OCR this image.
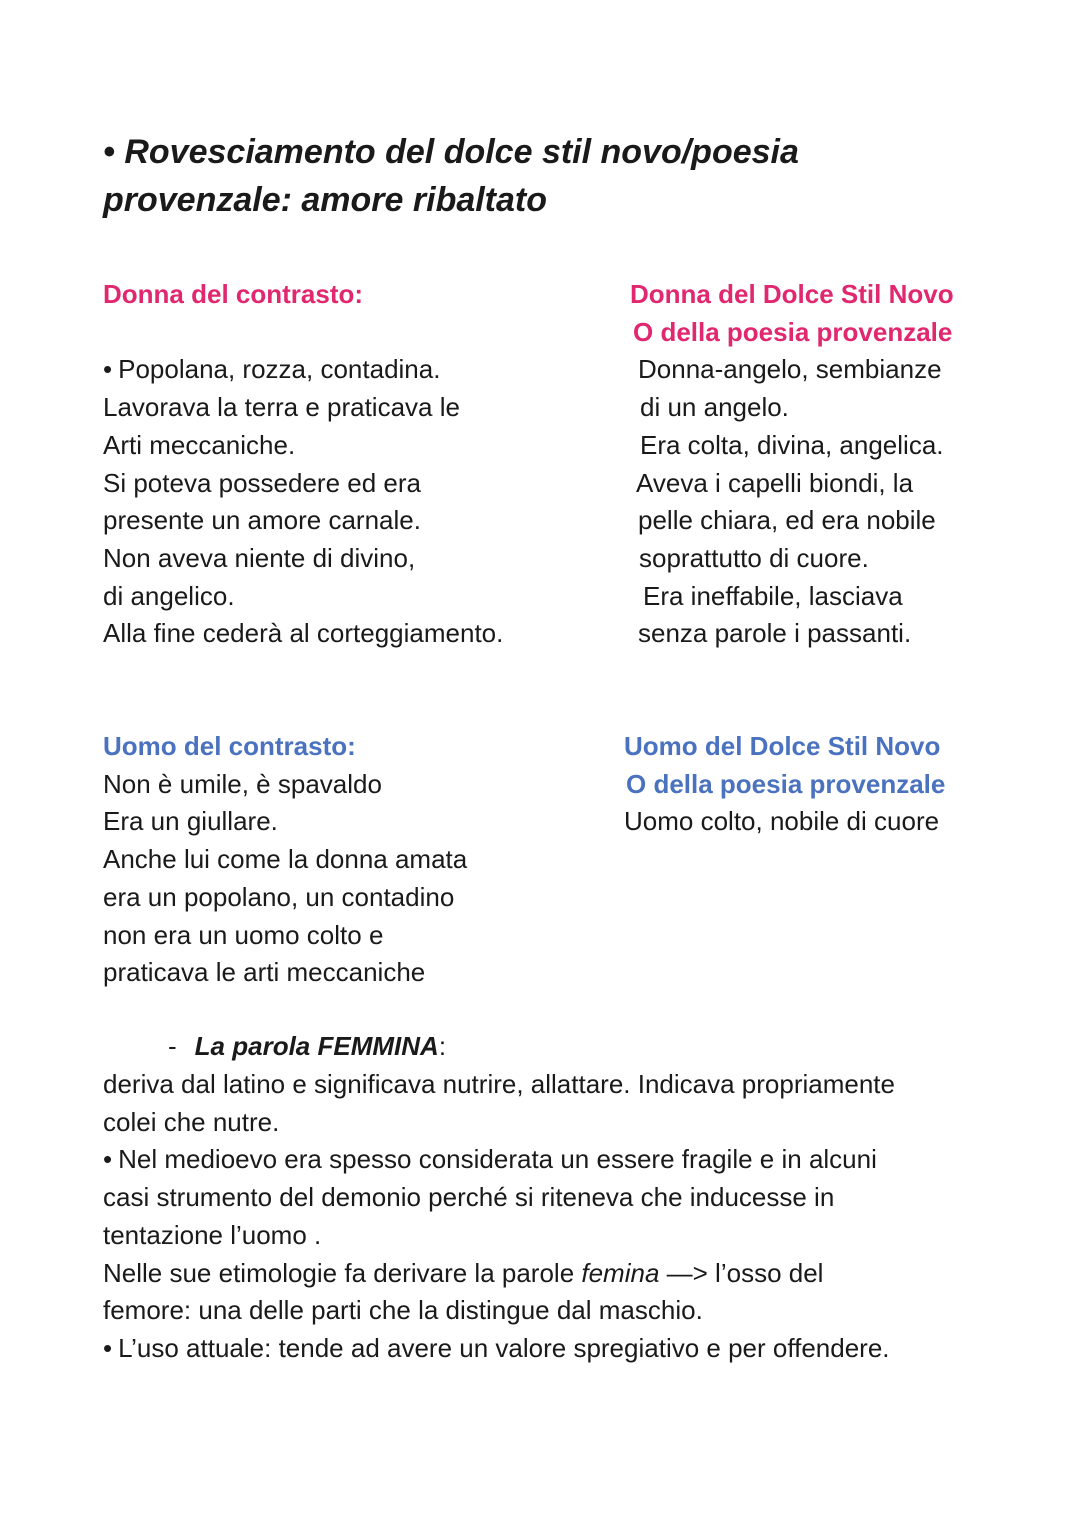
• Rovesciamento del dolce stil novo/poesia
provenzale: amore ribaltato
Donna del contrasto:
• Popolana, rozza, contadina.
Lavorava la terra e praticava le
Arti meccaniche.
Si poteva possedere ed era
presente un amore carnale.
Non aveva niente di divino,
di angelico.
Alla fine cederà al corteggiamento.
Donna del Dolce Stil Novo
O della poesia provenzale
Donna-angelo, sembianze
di un angelo.
Era colta, divina, angelica.
Aveva i capelli biondi, la
pelle chiara, ed era nobile
soprattutto di cuore.
Era ineffabile, lasciava
senza parole i passanti.
Uomo del contrasto:
Non è umile, è spavaldo
Era un giullare.
Anche lui come la donna amata
era un popolano, un contadino
non era un uomo colto e
praticava le arti meccaniche
Uomo del Dolce Stil Novo
O della poesia provenzale
Uomo colto, nobile di cuore
- La parola FEMMINA:
deriva dal latino e significava nutrire, allattare. Indicava propriamente
colei che nutre.
• Nel medioevo era spesso considerata un essere fragile e in alcuni
casi strumento del demonio perché si riteneva che inducesse in
tentazione l’uomo .
Nelle sue etimologie fa derivare la parole femina —> l’osso del
femore: una delle parti che la distingue dal maschio.
• L’uso attuale: tende ad avere un valore spregiativo e per offendere.
